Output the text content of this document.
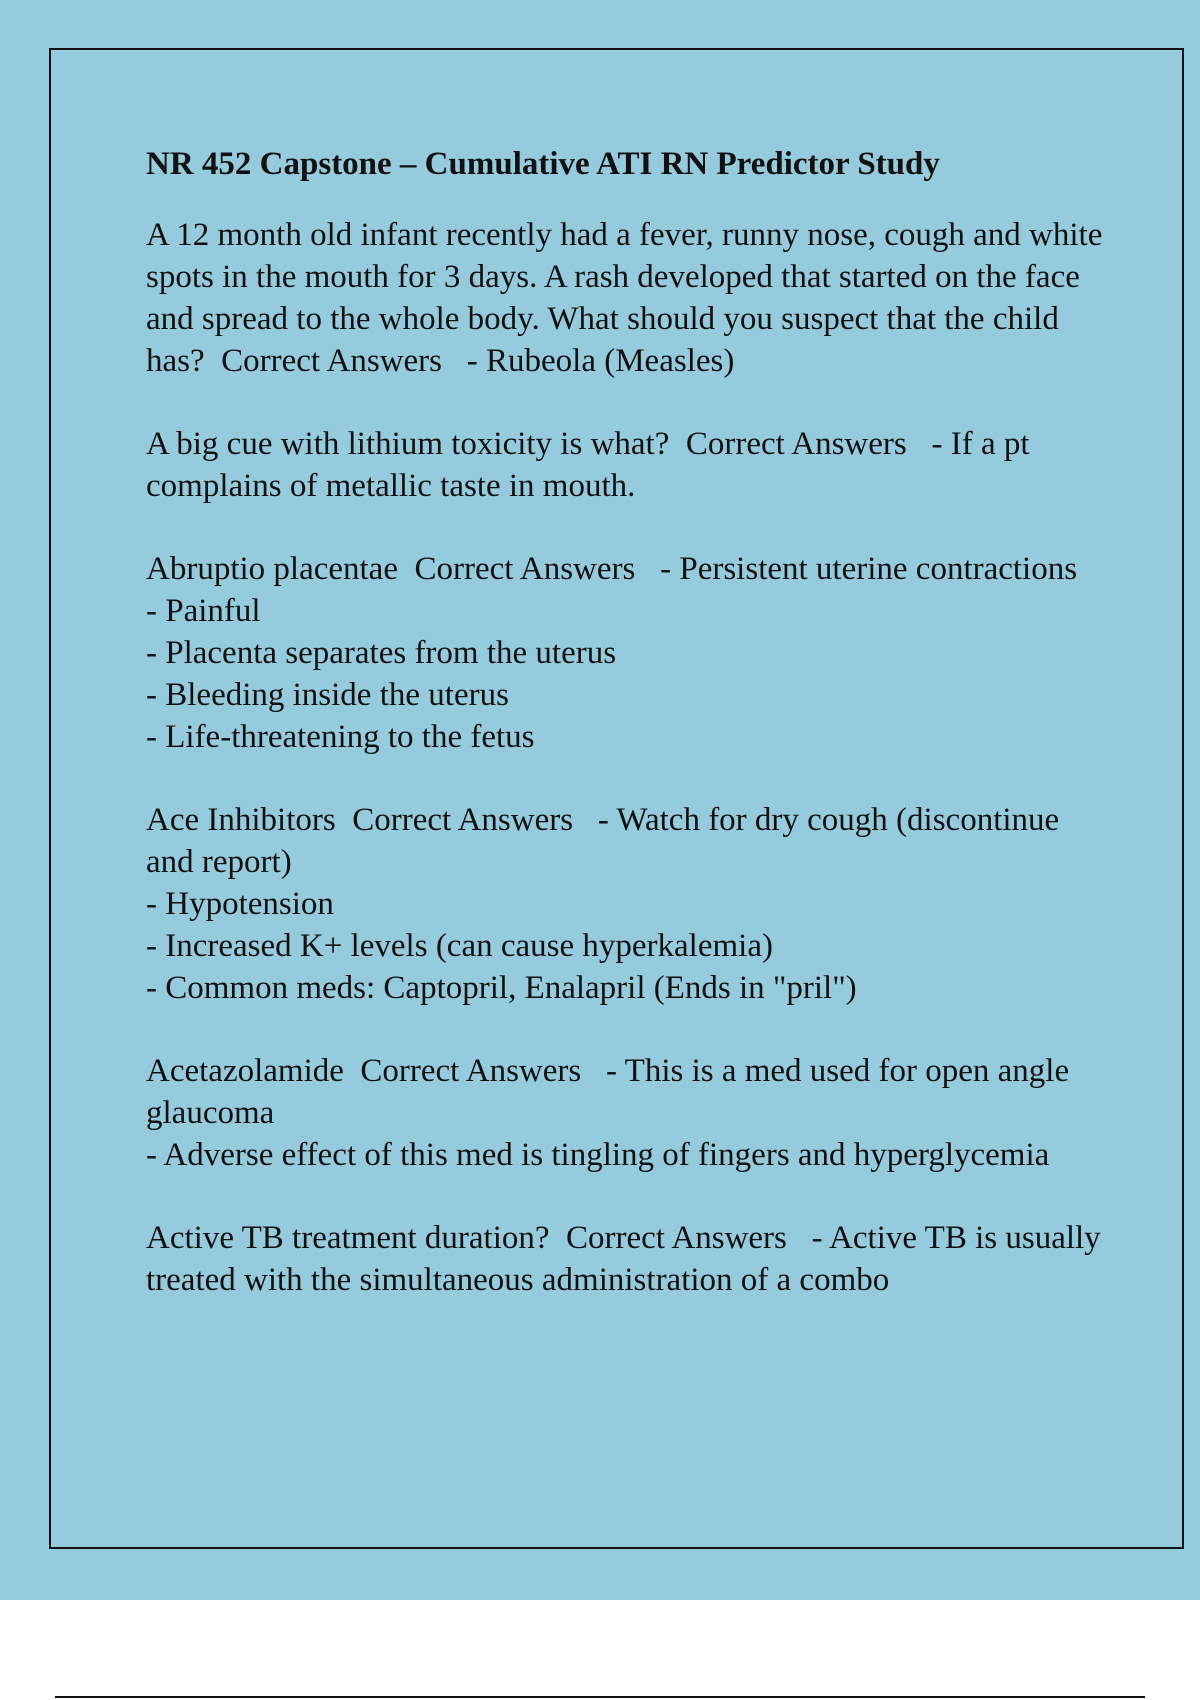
NR 452 Capstone – Cumulative ATI RN Predictor Study

A 12 month old infant recently had a fever, runny nose, cough and white spots in the mouth for 3 days. A rash developed that started on the face and spread to the whole body. What should you suspect that the child has? Correct Answers - Rubeola (Measles)

A big cue with lithium toxicity is what? Correct Answers - If a pt complains of metallic taste in mouth.

Abruptio placentae Correct Answers - Persistent uterine contractions

- Painful

- Placenta separates from the uterus

- Bleeding inside the uterus

- Life-threatening to the fetus

Ace Inhibitors Correct Answers - Watch for dry cough (discontinue and report)

- Hypotension

- Increased K+ levels (can cause hyperkalemia)

- Common meds: Captopril, Enalapril (Ends in "pril")

Acetazolamide Correct Answers - This is a med used for open angle glaucoma

- Adverse effect of this med is tingling of fingers and hyperglycemia

Active TB treatment duration? Correct Answers - Active TB is usually treated with the simultaneous administration of a combo
